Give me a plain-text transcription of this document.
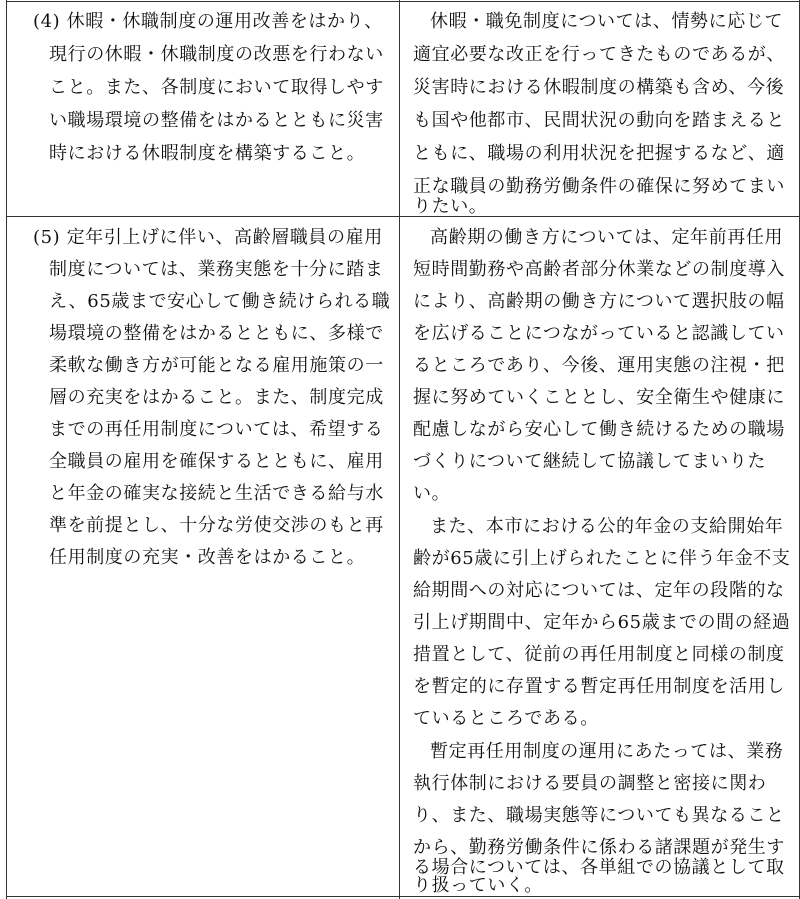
(4) 休暇・休職制度の運用改善をはかり、
現行の休暇・休職制度の改悪を行わない
こと。また、各制度において取得しやす
い職場環境の整備をはかるとともに災害
時における休暇制度を構築すること。
休暇・職免制度については、情勢に応じて
適宜必要な改正を行ってきたものであるが、
災害時における休暇制度の構築も含め、今後
も国や他都市、民間状況の動向を踏まえると
ともに、職場の利用状況を把握するなど、適
正な職員の勤務労働条件の確保に努めてまい
りたい。
(5) 定年引上げに伴い、高齢層職員の雇用
制度については、業務実態を十分に踏ま
え、65歳まで安心して働き続けられる職
場環境の整備をはかるとともに、多様で
柔軟な働き方が可能となる雇用施策の一
層の充実をはかること。また、制度完成
までの再任用制度については、希望する
全職員の雇用を確保するとともに、雇用
と年金の確実な接続と生活できる給与水
準を前提とし、十分な労使交渉のもと再
任用制度の充実・改善をはかること。
高齢期の働き方については、定年前再任用
短時間勤務や高齢者部分休業などの制度導入
により、高齢期の働き方について選択肢の幅
を広げることにつながっていると認識してい
るところであり、今後、運用実態の注視・把
握に努めていくこととし、安全衛生や健康に
配慮しながら安心して働き続けるための職場
づくりについて継続して協議してまいりた
い。
また、本市における公的年金の支給開始年
齢が65歳に引上げられたことに伴う年金不支
給期間への対応については、定年の段階的な
引上げ期間中、定年から65歳までの間の経過
措置として、従前の再任用制度と同様の制度
を暫定的に存置する暫定再任用制度を活用し
ているところである。
暫定再任用制度の運用にあたっては、業務
執行体制における要員の調整と密接に関わ
り、また、職場実態等についても異なること
から、勤務労働条件に係わる諸課題が発生す
る場合については、各単組での協議として取
り扱っていく。
